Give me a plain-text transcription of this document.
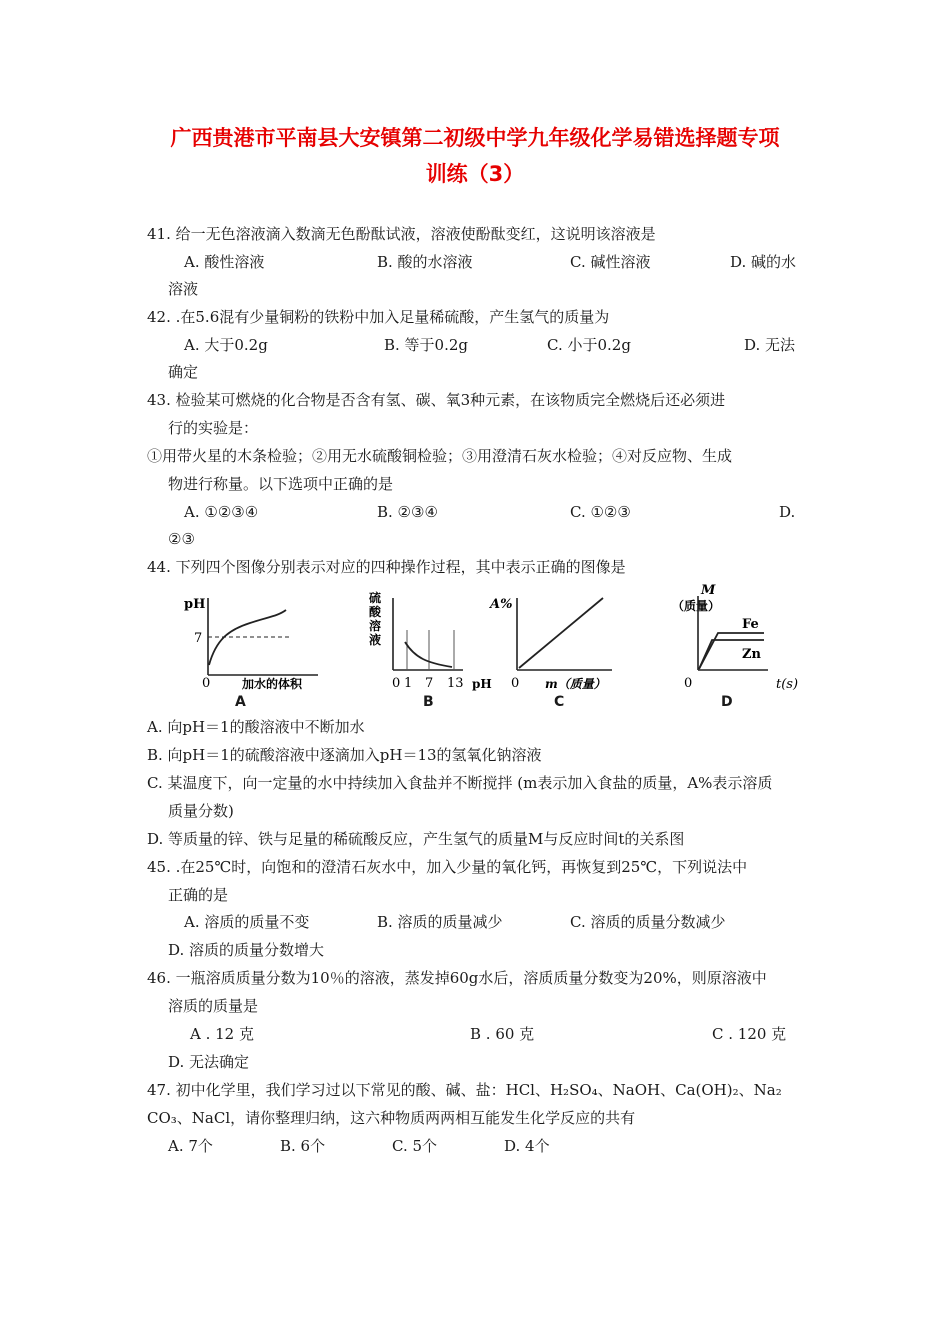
广西贵港市平南县大安镇第二初级中学九年级化学易错选择题专项
训练（3）
41. 给一无色溶液滴入数滴无色酚酞试液，溶液使酚酞变红，这说明该溶液是
A. 酸性溶液	B. 酸的水溶液	C. 碱性溶液	D. 碱的水
溶液
42. .在5.6混有少量铜粉的铁粉中加入足量稀硫酸，产生氢气的质量为
A. 大于0.2g	B. 等于0.2g	C. 小于0.2g	D. 无法
确定
43. 检验某可燃烧的化合物是否含有氢、碳、氧3种元素，在该物质完全燃烧后还必须进
行的实验是：
①用带火星的木条检验；②用无水硫酸铜检验；③用澄清石灰水检验；④对反应物、生成
物进行称量。以下选项中正确的是
A. ①②③④	B. ②③④	C. ①②③	D.
②③
44. 下列四个图像分别表示对应的四种操作过程，其中表示正确的图像是
pH
7
0	加水的体积
A
硫
酸
溶
液
0 1 7 13 pH
B
A%
0 m（质量）
C
M
（质量）
Fe
Zn
0	t(s)
D
A. 向pH＝1的酸溶液中不断加水
B. 向pH＝1的硫酸溶液中逐滴加入pH＝13的氢氧化钠溶液
C. 某温度下，向一定量的水中持续加入食盐并不断搅拌 (m表示加入食盐的质量，A%表示溶质
质量分数)
D. 等质量的锌、铁与足量的稀硫酸反应，产生氢气的质量M与反应时间t的关系图
45. .在25℃时，向饱和的澄清石灰水中，加入少量的氧化钙，再恢复到25℃，下列说法中
正确的是
A. 溶质的质量不变	B. 溶质的质量减少	C. 溶质的质量分数减少
D. 溶质的质量分数增大
46. 一瓶溶质质量分数为10％的溶液，蒸发掉60g水后，溶质质量分数变为20%，则原溶液中
溶质的质量是
A . 12 克	B . 60 克	C . 120 克
D. 无法确定
47. 初中化学里，我们学习过以下常见的酸、碱、盐：HCl、H₂SO₄、NaOH、Ca(OH)₂、Na₂
CO₃、NaCl，请你整理归纳，这六种物质两两相互能发生化学反应的共有
A. 7个	B. 6个	C. 5个	D. 4个
